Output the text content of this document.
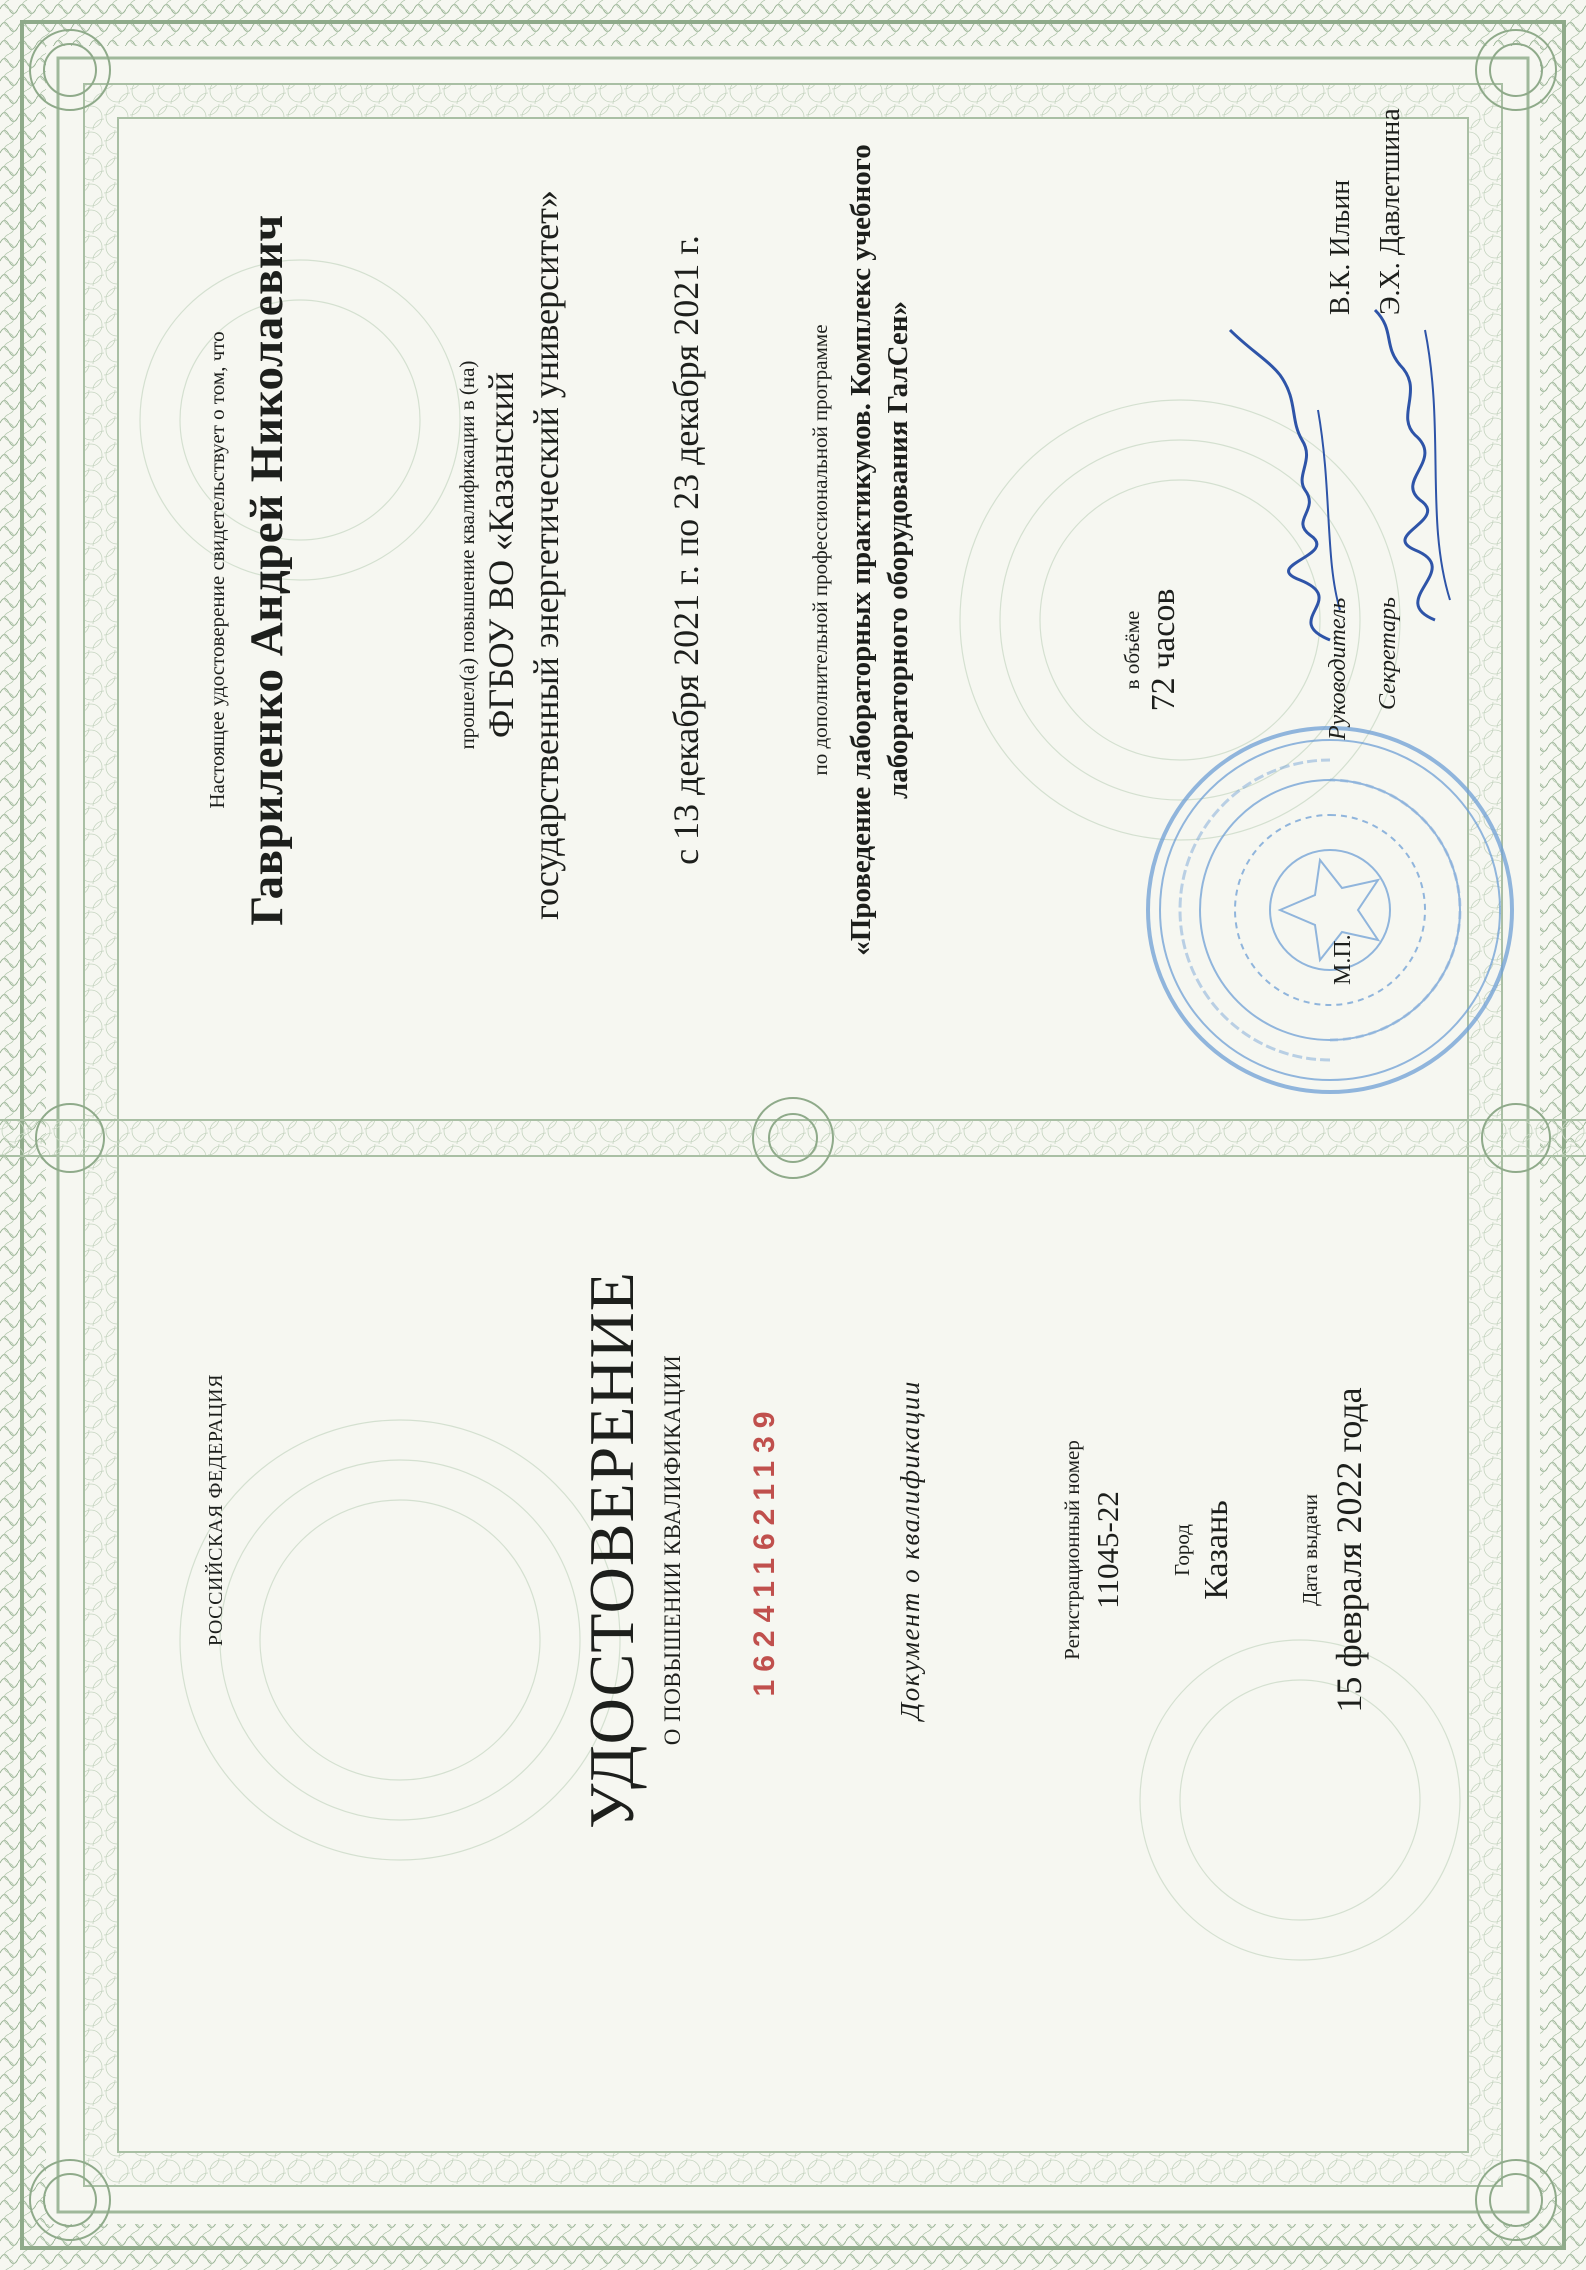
РОССИЙСКАЯ ФЕДЕРАЦИЯ	УДОСТОВЕРЕНИЕ О ПОВЫШЕНИИ КВАЛИФИКАЦИИ 162411621139	Документ о квалификации	Регистрационный номер 11045-22 Город Казань	Дата выдачи 15 февраля 2022 года
Настоящее удостоверение свидетельствует о том, что Гавриленко Андрей Николаевич	прошел(а) повышение квалификации в (на) ФГБОУ ВО «Казанский государственный энергетический университет»	с 13 декабря 2021 г. по 23 декабря 2021 г.	по дополнительной профессиональной программе «Проведение лабораторных практикумов. Комплекс учебного лабораторного оборудования ГалСен»	в объёме 72 часов
М.П.
Руководитель
В.К. Ильин
Секретарь
Э.Х. Давлетшина
